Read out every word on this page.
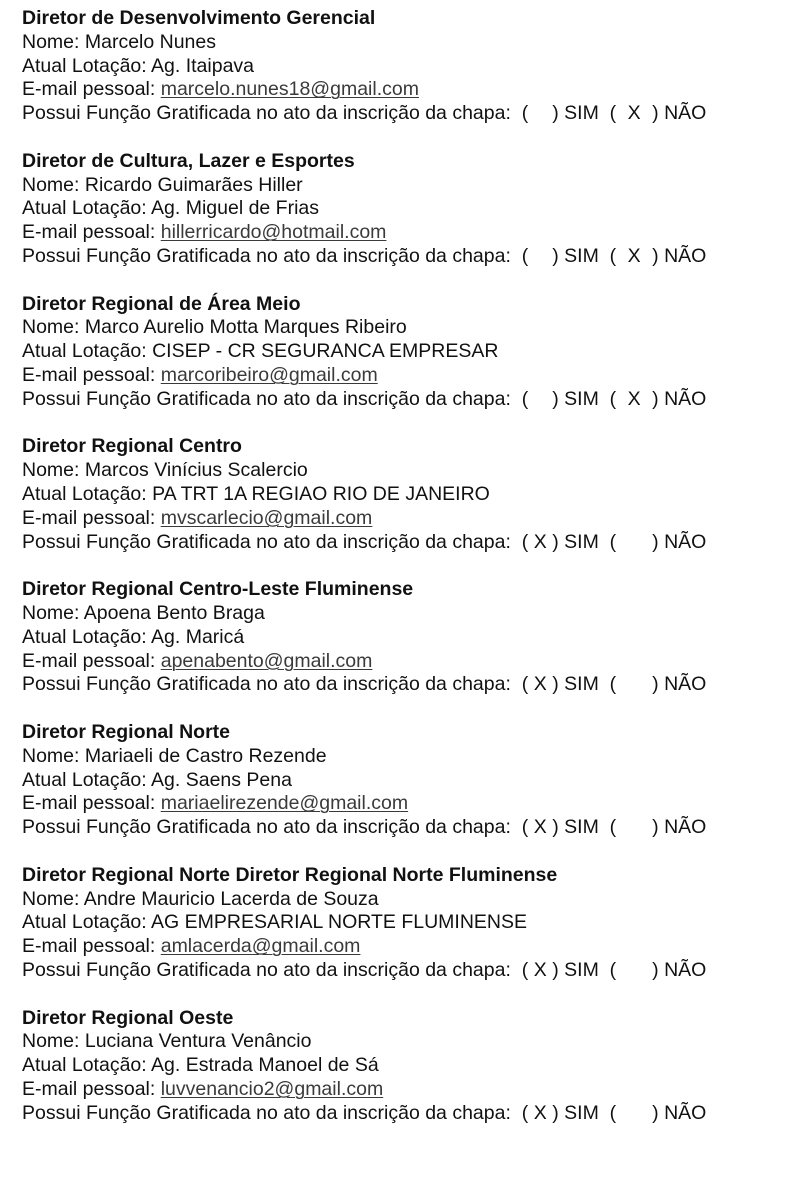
Diretor de Desenvolvimento Gerencial
Nome: Marcelo Nunes
Atual Lotação: Ag. Itaipava
E-mail pessoal: marcelo.nunes18@gmail.com
Possui Função Gratificada no ato da inscrição da chapa:  ( ) SIM  ( X ) NÃO
Diretor de Cultura, Lazer e Esportes
Nome: Ricardo Guimarães Hiller
Atual Lotação: Ag. Miguel de Frias
E-mail pessoal: hillerricardo@hotmail.com
Possui Função Gratificada no ato da inscrição da chapa:  ( ) SIM  ( X ) NÃO
Diretor Regional de Área Meio
Nome: Marco Aurelio Motta Marques Ribeiro
Atual Lotação: CISEP - CR SEGURANCA EMPRESAR
E-mail pessoal: marcoribeiro@gmail.com
Possui Função Gratificada no ato da inscrição da chapa:  ( ) SIM  ( X ) NÃO
Diretor Regional Centro
Nome: Marcos Vinícius Scalercio
Atual Lotação: PA TRT 1A REGIAO RIO DE JANEIRO
E-mail pessoal: mvscarlecio@gmail.com
Possui Função Gratificada no ato da inscrição da chapa:  ( X ) SIM  ( ) NÃO
Diretor Regional Centro-Leste Fluminense
Nome: Apoena Bento Braga
Atual Lotação: Ag. Maricá
E-mail pessoal: apenabento@gmail.com
Possui Função Gratificada no ato da inscrição da chapa:  ( X ) SIM  ( ) NÃO
Diretor Regional Norte
Nome: Mariaeli de Castro Rezende
Atual Lotação: Ag. Saens Pena
E-mail pessoal: mariaelirezende@gmail.com
Possui Função Gratificada no ato da inscrição da chapa:  ( X ) SIM  ( ) NÃO
Diretor Regional Norte Diretor Regional Norte Fluminense
Nome: Andre Mauricio Lacerda de Souza
Atual Lotação: AG EMPRESARIAL NORTE FLUMINENSE
E-mail pessoal: amlacerda@gmail.com
Possui Função Gratificada no ato da inscrição da chapa:  ( X ) SIM  ( ) NÃO
Diretor Regional Oeste
Nome: Luciana Ventura Venâncio
Atual Lotação: Ag. Estrada Manoel de Sá
E-mail pessoal: luvvenancio2@gmail.com
Possui Função Gratificada no ato da inscrição da chapa:  ( X ) SIM  ( ) NÃO
